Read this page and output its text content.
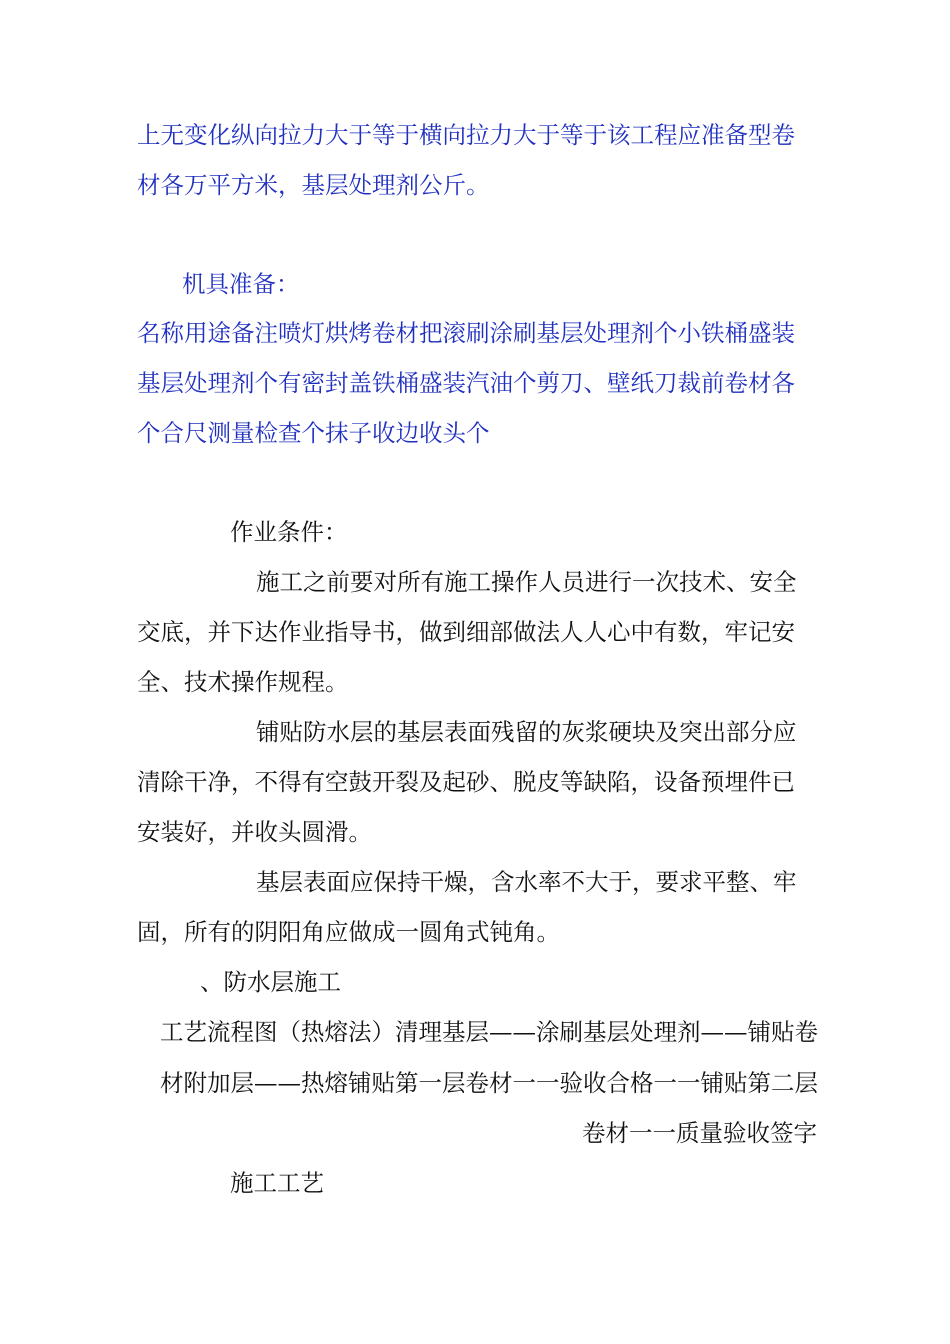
上无变化纵向拉力大于等于横向拉力大于等于该工程应准备型卷
材各万平方米，基层处理剂公斤。
机具准备：
名称用途备注喷灯烘烤卷材把滚刷涂刷基层处理剂个小铁桶盛装
基层处理剂个有密封盖铁桶盛装汽油个剪刀、壁纸刀裁前卷材各
个合尺测量检查个抹子收边收头个
作业条件：
施工之前要对所有施工操作人员进行一次技术、安全
交底，并下达作业指导书，做到细部做法人人心中有数，牢记安
全、技术操作规程。
铺贴防水层的基层表面残留的灰浆硬块及突出部分应
清除干净，不得有空鼓开裂及起砂、脱皮等缺陷，设备预埋件已
安装好，并收头圆滑。
基层表面应保持干燥，含水率不大于，要求平整、牢
固，所有的阴阳角应做成一圆角式钝角。
、防水层施工
工艺流程图（热熔法）清理基层——涂刷基层处理剂——铺贴卷
材附加层——热熔铺贴第一层卷材一一验收合格一一铺贴第二层
卷材一一质量验收签字
施工工艺
